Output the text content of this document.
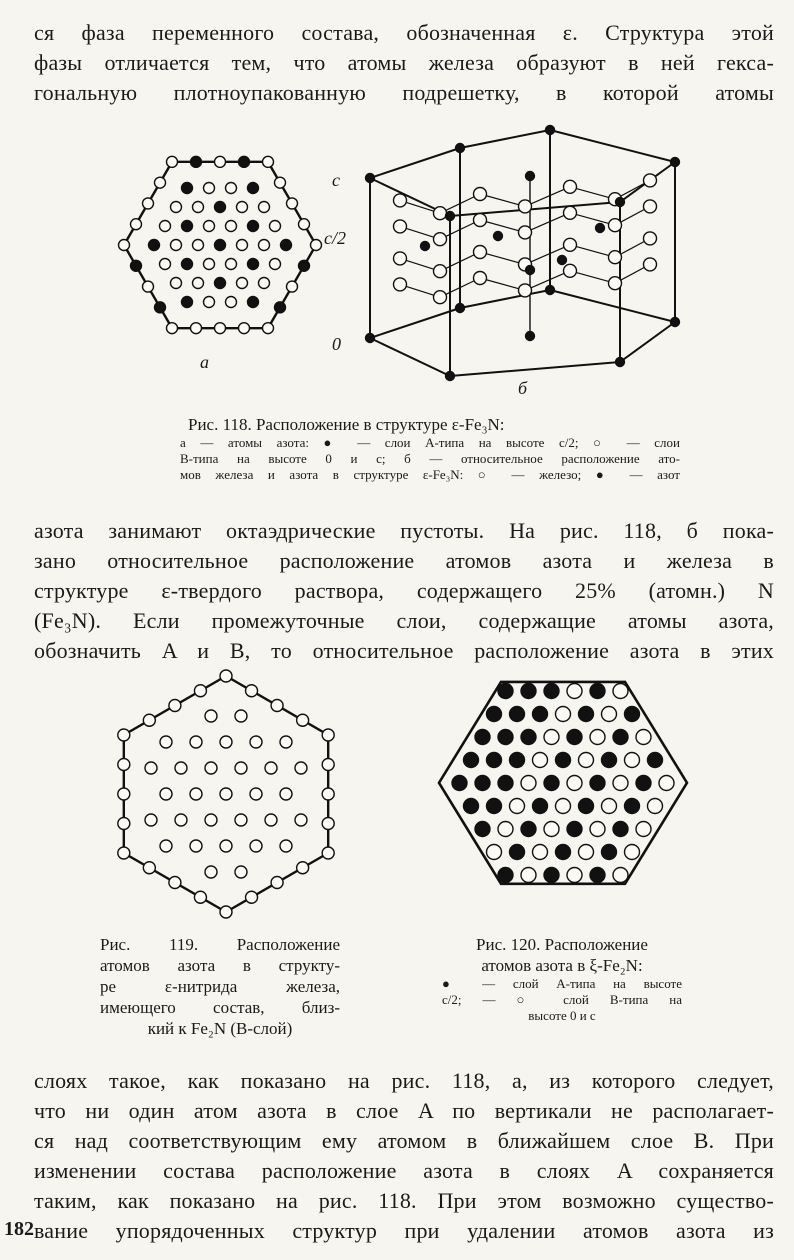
ся фаза переменного состава, обозначенная ε. Структура этой
фазы отличается тем, что атомы железа образуют в ней гекса-
гональную плотноупакованную подрешетку, в которой атомы
а
c
c/2
0
б
Рис. 118. Расположение в структуре ε-Fe₃N:
а — атомы азота: ● — слои A-типа на высоте c/2; ○ — слои
B-типа на высоте 0 и c; б — относительное расположение ато-
мов железа и азота в структуре ε-Fe₃N: ○ — железо; ● — азот
азота занимают октаэдрические пустоты. На рис. 118, б пока-
зано относительное расположение атомов азота и железа в
структуре ε-твердого раствора, содержащего 25% (атомн.) N
(Fe₃N). Если промежуточные слои, содержащие атомы азота,
обозначить A и B, то относительное расположение азота в этих
Рис. 119. Расположение
атомов азота в структу-
ре ε-нитрида железа,
имеющего состав, близ-
кий к Fe₂N (B-слой)
Рис. 120. Расположение
атомов азота в ξ-Fe₂N:
● — слой A-типа на высоте
c/2; — ○ слой B-типа на
высоте 0 и c
слоях такое, как показано на рис. 118, а, из которого следует,
что ни один атом азота в слое A по вертикали не располагает-
ся над соответствующим ему атомом в ближайшем слое B. При
изменении состава расположение азота в слоях A сохраняется
таким, как показано на рис. 118. При этом возможно существо-
вание упорядоченных структур при удалении атомов азота из
182
